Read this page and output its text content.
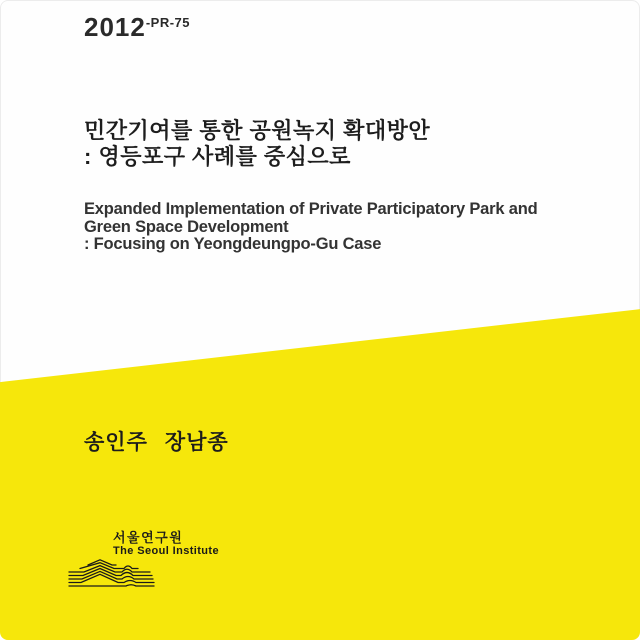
$2012^{-PR-75}$
민간기여를 통한 공원녹지 확대방안
: 영등포구 사례를 중심으로
Expanded Implementation of Private Participatory Park and
Green Space Development
: Focusing on Yeongdeungpo-Gu Case
송인주 장남종
서울연구원
The Seoul Institute
